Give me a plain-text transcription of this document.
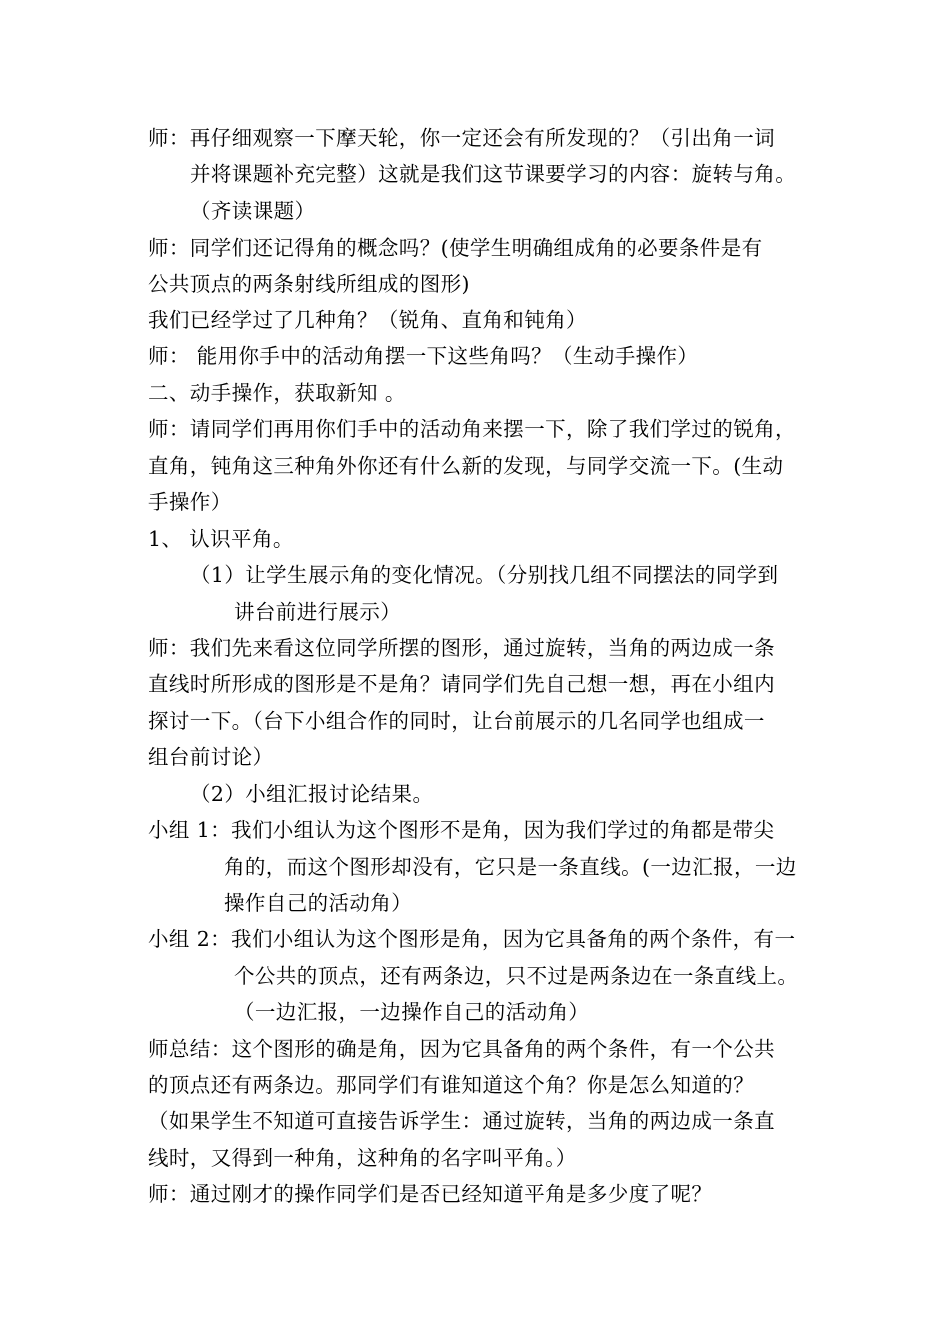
师：再仔细观察一下摩天轮，你一定还会有所发现的？（引出角一词
并将课题补充完整）这就是我们这节课要学习的内容：旋转与角。
（齐读课题）
师：同学们还记得角的概念吗？(使学生明确组成角的必要条件是有
公共顶点的两条射线所组成的图形)
我们已经学过了几种角？（锐角、直角和钝角）
师： 能用你手中的活动角摆一下这些角吗？（生动手操作）
二、动手操作，获取新知 。
师：请同学们再用你们手中的活动角来摆一下，除了我们学过的锐角，
直角，钝角这三种角外你还有什么新的发现，与同学交流一下。(生动
手操作）
1、 认识平角。
（1）让学生展示角的变化情况。（分别找几组不同摆法的同学到
讲台前进行展示）
师：我们先来看这位同学所摆的图形，通过旋转，当角的两边成一条
直线时所形成的图形是不是角？请同学们先自己想一想，再在小组内
探讨一下。（台下小组合作的同时，让台前展示的几名同学也组成一
组台前讨论）
（2）小组汇报讨论结果。
小组 1：我们小组认为这个图形不是角，因为我们学过的角都是带尖
角的，而这个图形却没有，它只是一条直线。(一边汇报，一边
操作自己的活动角）
小组 2：我们小组认为这个图形是角，因为它具备角的两个条件，有一
个公共的顶点，还有两条边，只不过是两条边在一条直线上。
（一边汇报，一边操作自己的活动角）
师总结：这个图形的确是角，因为它具备角的两个条件，有一个公共
的顶点还有两条边。那同学们有谁知道这个角？你是怎么知道的？
（如果学生不知道可直接告诉学生：通过旋转，当角的两边成一条直
线时，又得到一种角，这种角的名字叫平角。）
师：通过刚才的操作同学们是否已经知道平角是多少度了呢？
